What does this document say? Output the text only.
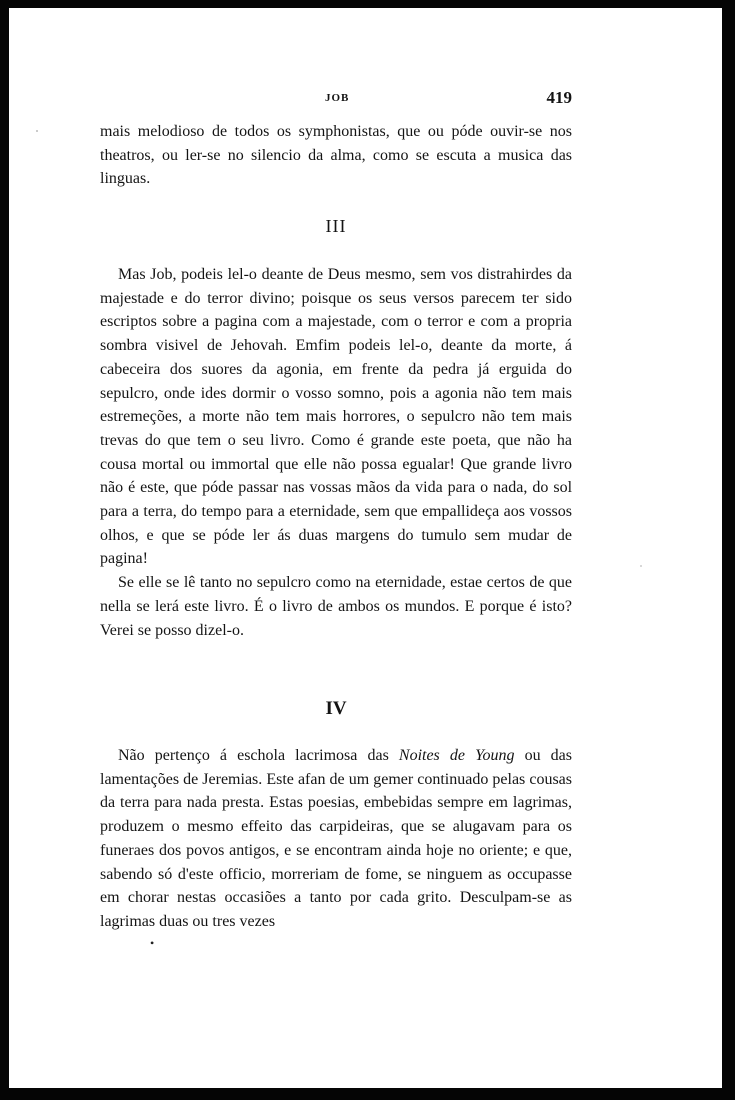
JOB	419

mais melodioso de todos os symphonistas, que ou póde ouvir-se nos theatros, ou ler-se no silencio da alma, como se escuta a musica das linguas.

III

Mas Job, podeis lel-o deante de Deus mesmo, sem vos distrahirdes da majestade e do terror divino; poisque os seus versos parecem ter sido escriptos sobre a pagina com a majestade, com o terror e com a propria sombra visivel de Jehovah. Emfim podeis lel-o, deante da morte, á cabeceira dos suores da agonia, em frente da pedra já erguida do sepulcro, onde ides dormir o vosso somno, pois a agonia não tem mais estremeções, a morte não tem mais horrores, o sepulcro não tem mais trevas do que tem o seu livro. Como é grande este poeta, que não ha cousa mortal ou immortal que elle não possa egualar! Que grande livro não é este, que póde passar nas vossas mãos da vida para o nada, do sol para a terra, do tempo para a eternidade, sem que empallideça aos vossos olhos, e que se póde ler ás duas margens do tumulo sem mudar de pagina!

Se elle se lê tanto no sepulcro como na eternidade, estae certos de que nella se lerá este livro. É o livro de ambos os mundos. E porque é isto? Verei se posso dizel-o.

IV

Não pertenço á eschola lacrimosa das Noites de Young ou das lamentações de Jeremias. Este afan de um gemer continuado pelas cousas da terra para nada presta. Estas poesias, embebidas sempre em lagrimas, produzem o mesmo effeito das carpideiras, que se alugavam para os funeraes dos povos antigos, e se encontram ainda hoje no oriente; e que, sabendo só d'este officio, morreriam de fome, se ninguem as occupasse em chorar nestas occasiões a tanto por cada grito. Desculpam-se as lagrimas duas ou tres vezes

•
